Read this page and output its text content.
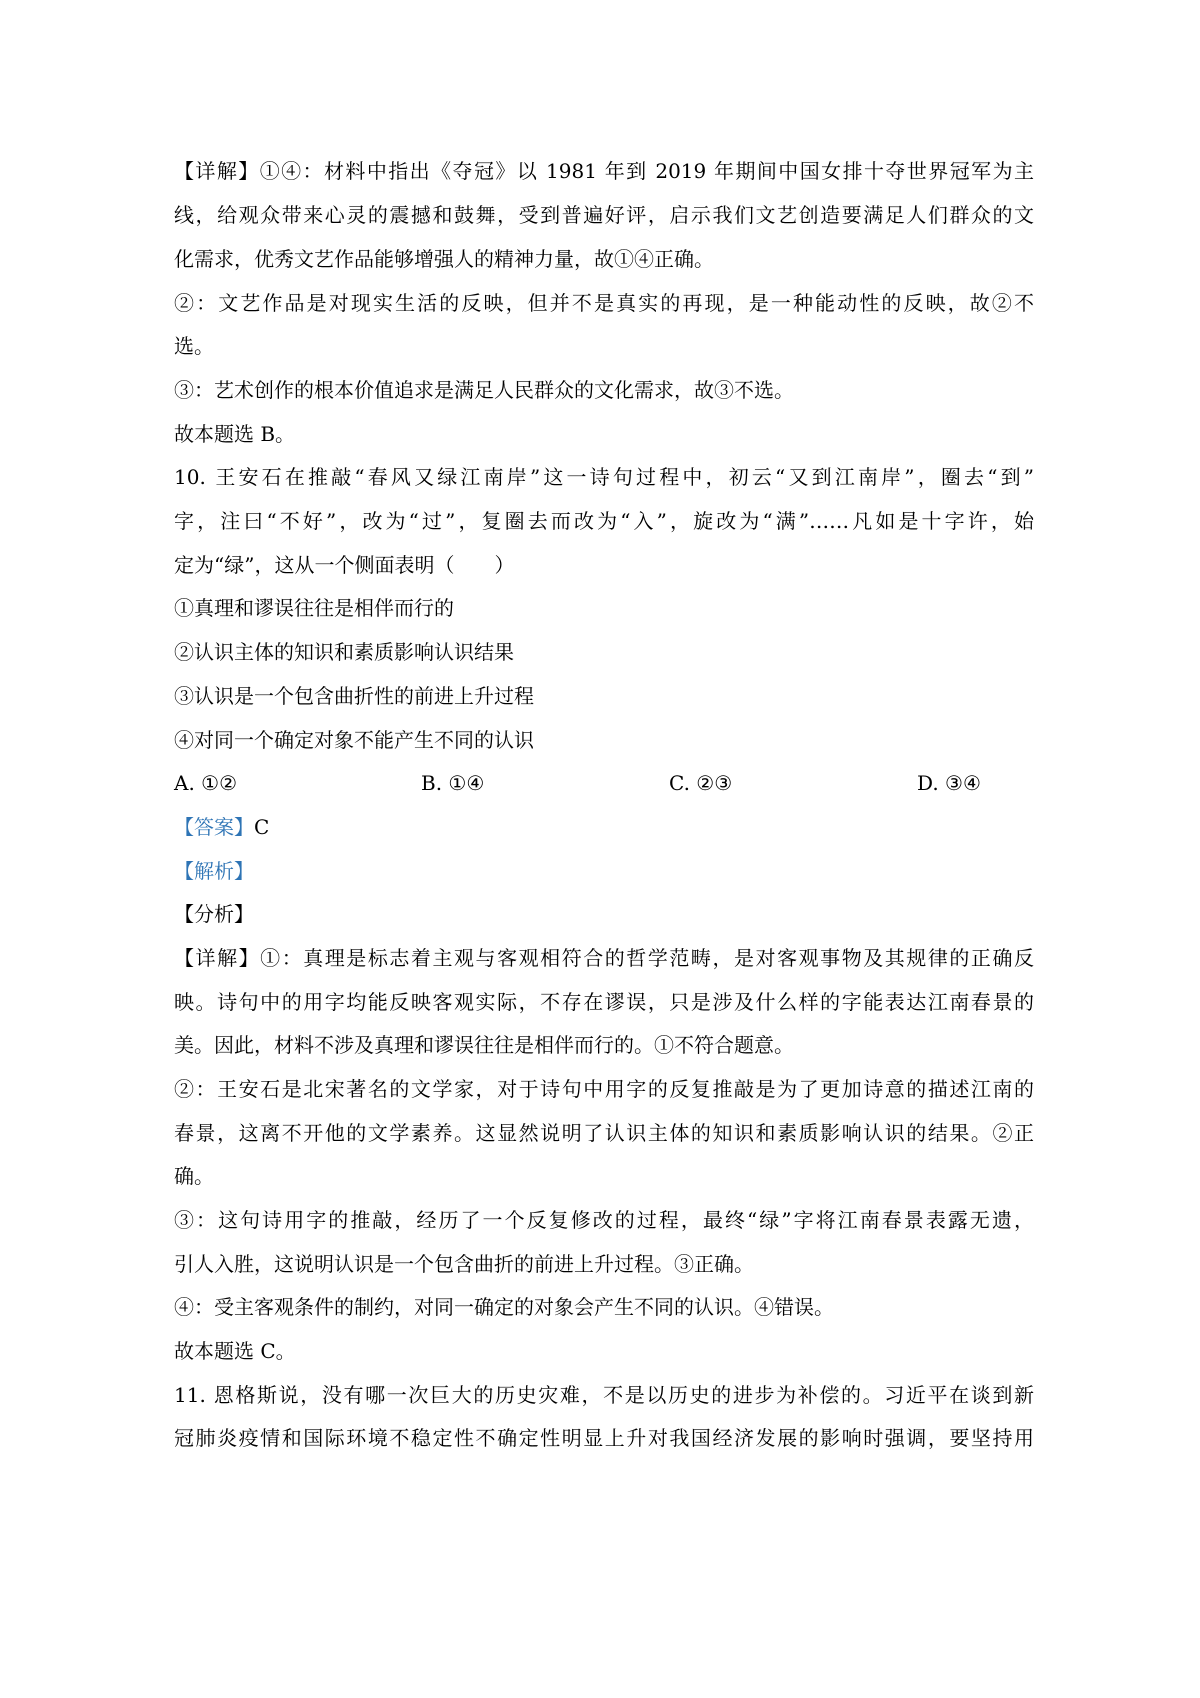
【详解】①④：材料中指出《夺冠》以 1981 年到 2019 年期间中国女排十夺世界冠军为主
线，给观众带来心灵的震撼和鼓舞，受到普遍好评，启示我们文艺创造要满足人们群众的文
化需求，优秀文艺作品能够增强人的精神力量，故①④正确。
②：文艺作品是对现实生活的反映，但并不是真实的再现，是一种能动性的反映，故②不
选。
③：艺术创作的根本价值追求是满足人民群众的文化需求，故③不选。
故本题选 B。
10. 王安石在推敲“春风又绿江南岸”这一诗句过程中，初云“又到江南岸”，圈去“到”
字，注曰“不好”，改为“过”，复圈去而改为“入”，旋改为“满”……凡如是十字许，始
定为“绿”，这从一个侧面表明（　　）
①真理和谬误往往是相伴而行的
②认识主体的知识和素质影响认识结果
③认识是一个包含曲折性的前进上升过程
④对同一个确定对象不能产生不同的认识
A. ①②	B. ①④	C. ②③	D. ③④
【答案】C
【解析】
【分析】
【详解】①：真理是标志着主观与客观相符合的哲学范畴，是对客观事物及其规律的正确反
映。诗句中的用字均能反映客观实际，不存在谬误，只是涉及什么样的字能表达江南春景的
美。因此，材料不涉及真理和谬误往往是相伴而行的。①不符合题意。
②：王安石是北宋著名的文学家，对于诗句中用字的反复推敲是为了更加诗意的描述江南的
春景，这离不开他的文学素养。这显然说明了认识主体的知识和素质影响认识的结果。②正
确。
③：这句诗用字的推敲，经历了一个反复修改的过程，最终“绿”字将江南春景表露无遗，
引人入胜，这说明认识是一个包含曲折的前进上升过程。③正确。
④：受主客观条件的制约，对同一确定的对象会产生不同的认识。④错误。
故本题选 C。
11. 恩格斯说，没有哪一次巨大的历史灾难，不是以历史的进步为补偿的。习近平在谈到新
冠肺炎疫情和国际环境不稳定性不确定性明显上升对我国经济发展的影响时强调，要坚持用
